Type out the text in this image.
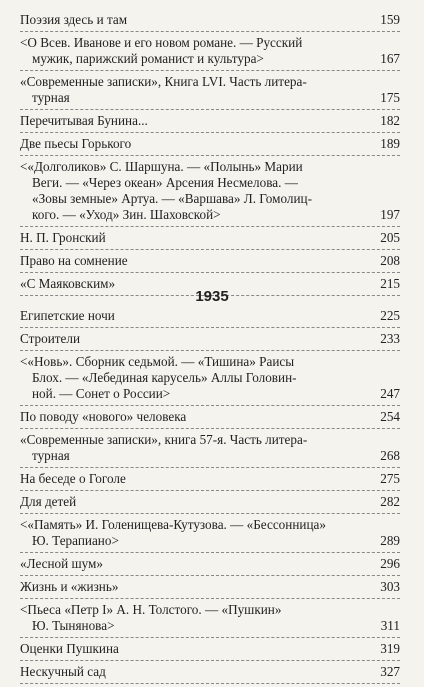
Поэзия здесь и там	159
<О Всев. Иванове и его новом романе. — Русский
мужик, парижский романист и культура>	167
«Современные записки», Книга LVI. Часть литера-
турная	175
Перечитывая Бунина...	182
Две пьесы Горького	189
<«Долголиков» С. Шаршуна. — «Полынь» Марии
Веги. — «Через океан» Арсения Несмелова. —
«Зовы земные» Артуа. — «Варшава» Л. Гомолиц-
кого. — «Уход» Зин. Шаховской>	197
Н. П. Гронский	205
Право на сомнение	208
«С Маяковским»	215
1935
Египетские ночи	225
Строители	233
<«Новь». Сборник седьмой. — «Тишина» Раисы
Блох. — «Лебединая карусель» Аллы Головин-
ной. — Сонет о России>	247
По поводу «нового» человека	254
«Современные записки», книга 57-я. Часть литера-
турная	268
На беседе о Гоголе	275
Для детей	282
<«Память» И. Голенищева-Кутузова. — «Бессонница»
Ю. Терапиано>	289
«Лесной шум»	296
Жизнь и «жизнь»	303
<Пьеса «Петр I» А. Н. Толстого. — «Пушкин»
Ю. Тынянова>	311
Оценки Пушкина	319
Нескучный сад	327
